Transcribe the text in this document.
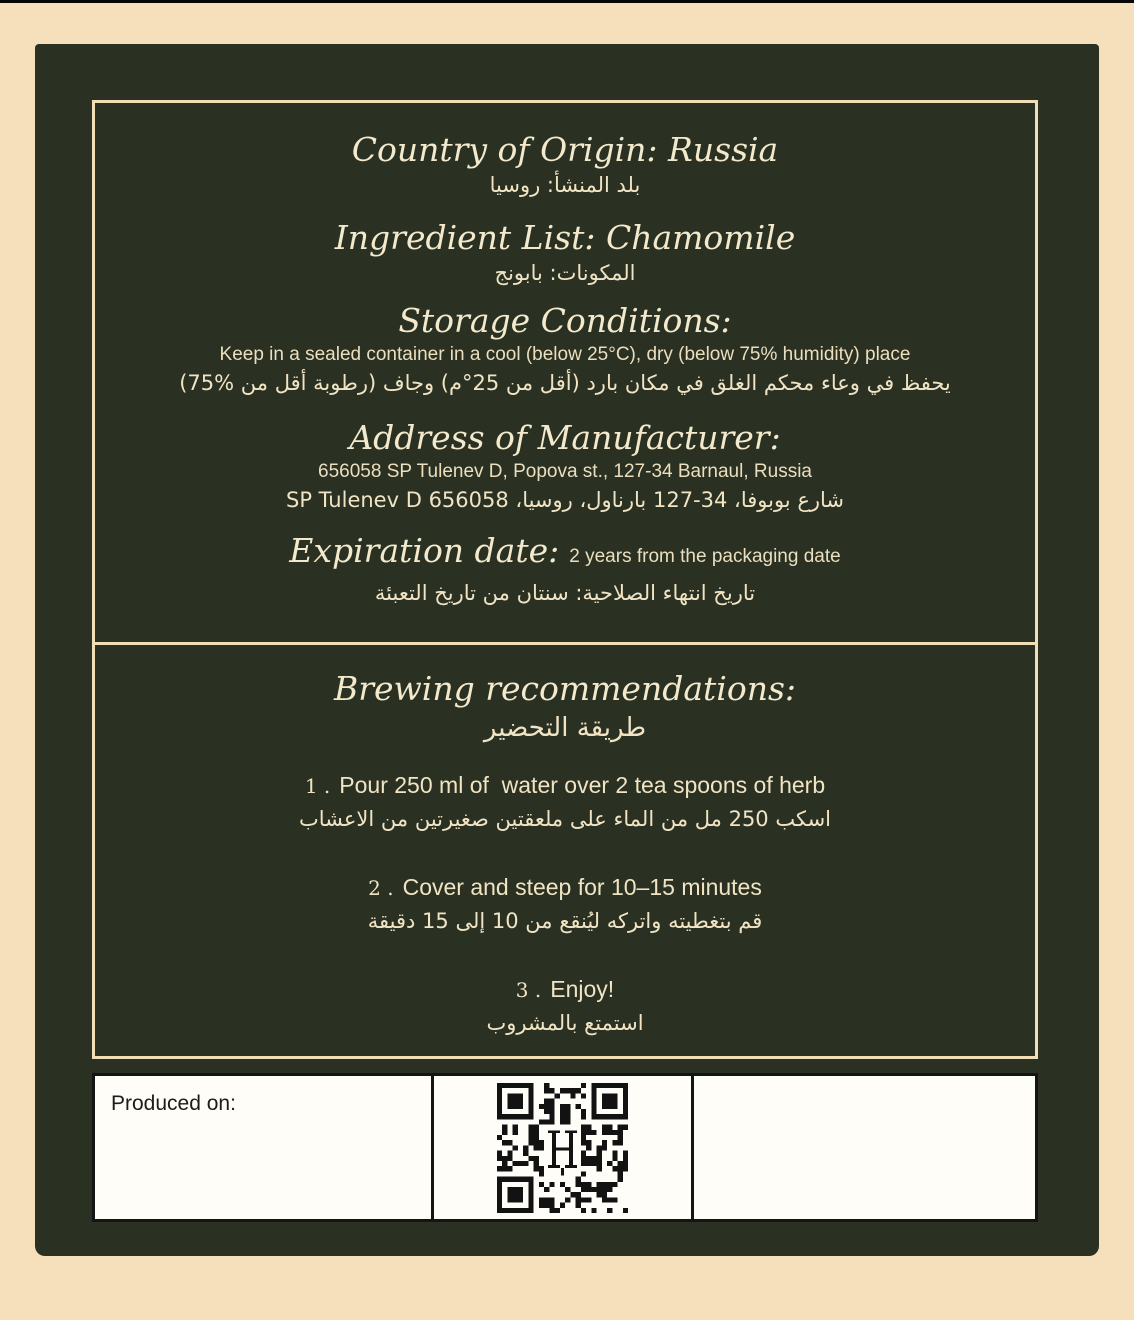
Country of Origin: Russia
بلد المنشأ: روسيا
Ingredient List: Chamomile
المكونات: بابونج
Storage Conditions:
Keep in a sealed container in a cool (below 25°C), dry (below 75% humidity) place
يحفظ في وعاء محكم الغلق في مكان بارد (أقل من 25°م) وجاف (رطوبة أقل من %75)
Address of Manufacturer:
656058 SP Tulenev D, Popova st., 127-34 Barnaul, Russia
شارع بوبوفا، 34-127 بارناول، روسيا، 656058 SP Tulenev D
Expiration date: 2 years from the packaging date
تاريخ انتهاء الصلاحية: سنتان من تاريخ التعبئة
Brewing recommendations:
طريقة التحضير
1 . Pour 250 ml of  water over 2 tea spoons of herb
اسكب 250 مل من الماء على ملعقتين صغيرتين من الاعشاب
2 . Cover and steep for 10–15 minutes
قم بتغطيته واتركه ليُنقع من 10 إلى 15 دقيقة
3 . Enjoy!
استمتع بالمشروب
Produced on:
